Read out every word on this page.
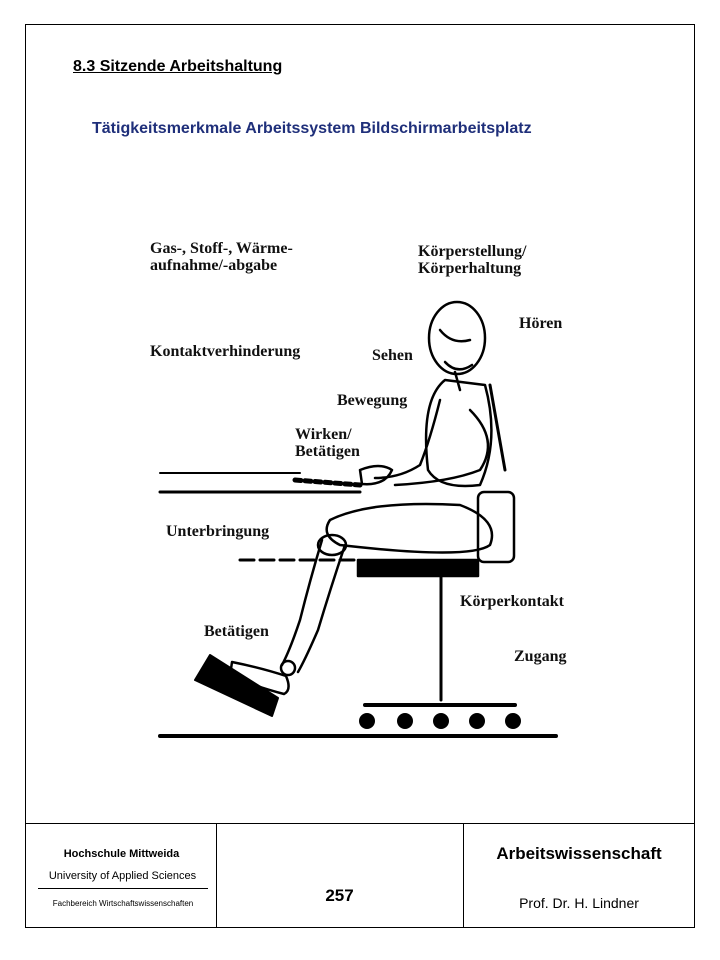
8.3 Sitzende Arbeitshaltung
Tätigkeitsmerkmale Arbeitssystem Bildschirmarbeitsplatz
Gas-, Stoff-, Wärme-
aufnahme/-abgabe
Körperstellung/
Körperhaltung
Hören
Kontaktverhinderung	Sehen
Bewegung
Wirken/
Betätigen
Unterbringung
Körperkontakt
Betätigen
Zugang
Hochschule Mittweida
University of Applied Sciences
Fachbereich Wirtschaftswissenschaften	257
Arbeitswissenschaft
Prof. Dr. H. Lindner
